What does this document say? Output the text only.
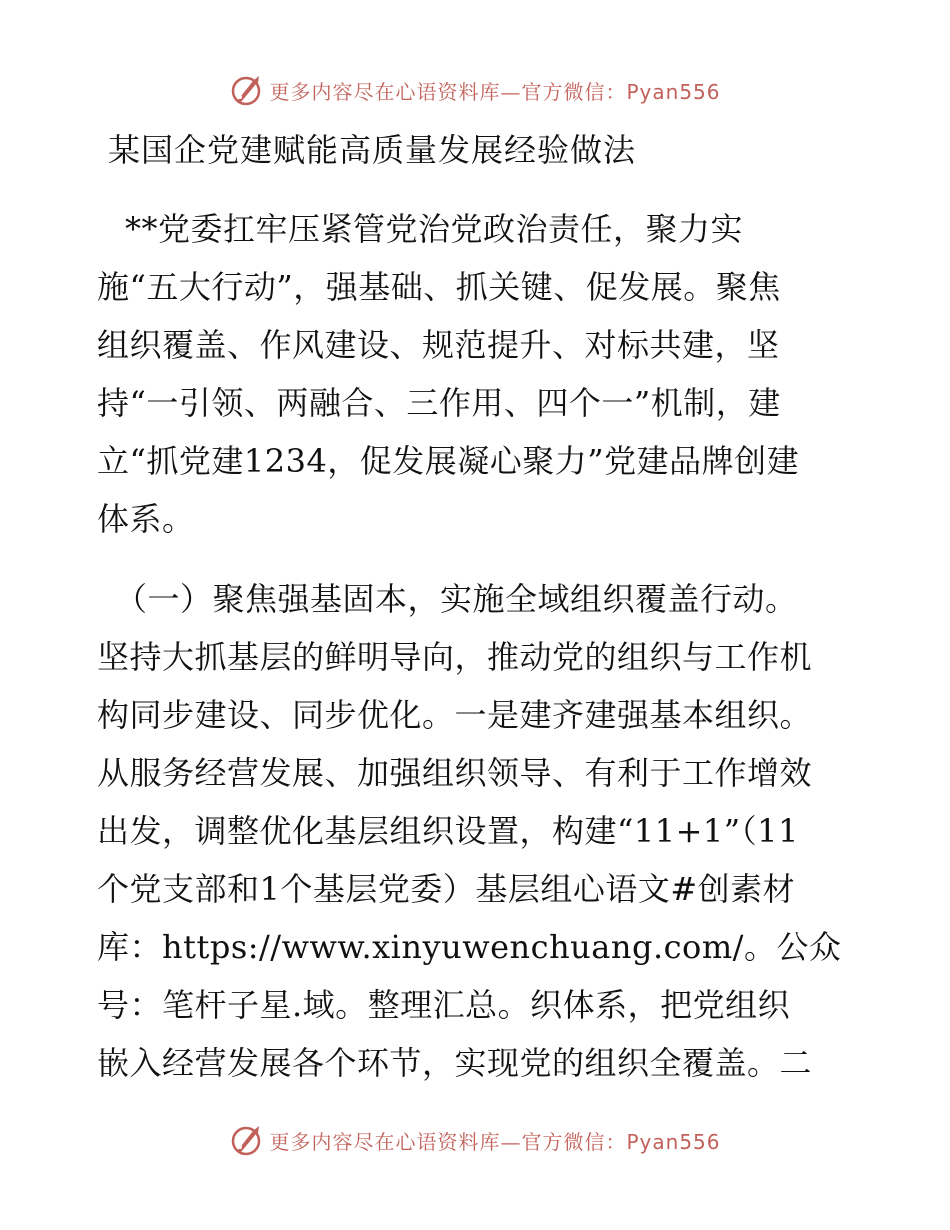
更多内容尽在心语资料库—官方微信：Pyan556
某国企党建赋能高质量发展经验做法
**党委扛牢压紧管党治党政治责任，聚力实
施“五大行动”，强基础、抓关键、促发展。聚焦
组织覆盖、作风建设、规范提升、对标共建，坚
持“一引领、两融合、三作用、四个一”机制，建
立“抓党建1234，促发展凝心聚力”党建品牌创建
体系。
（一）聚焦强基固本，实施全域组织覆盖行动。
坚持大抓基层的鲜明导向，推动党的组织与工作机
构同步建设、同步优化。一是建齐建强基本组织。
从服务经营发展、加强组织领导、有利于工作增效
出发，调整优化基层组织设置，构建“11+1”（11
个党支部和1个基层党委）基层组心语文#创素材
库：https://www.xinyuwenchuang.com/。公众
号：笔杆子星.域。整理汇总。织体系，把党组织
嵌入经营发展各个环节，实现党的组织全覆盖。二
更多内容尽在心语资料库—官方微信：Pyan556
